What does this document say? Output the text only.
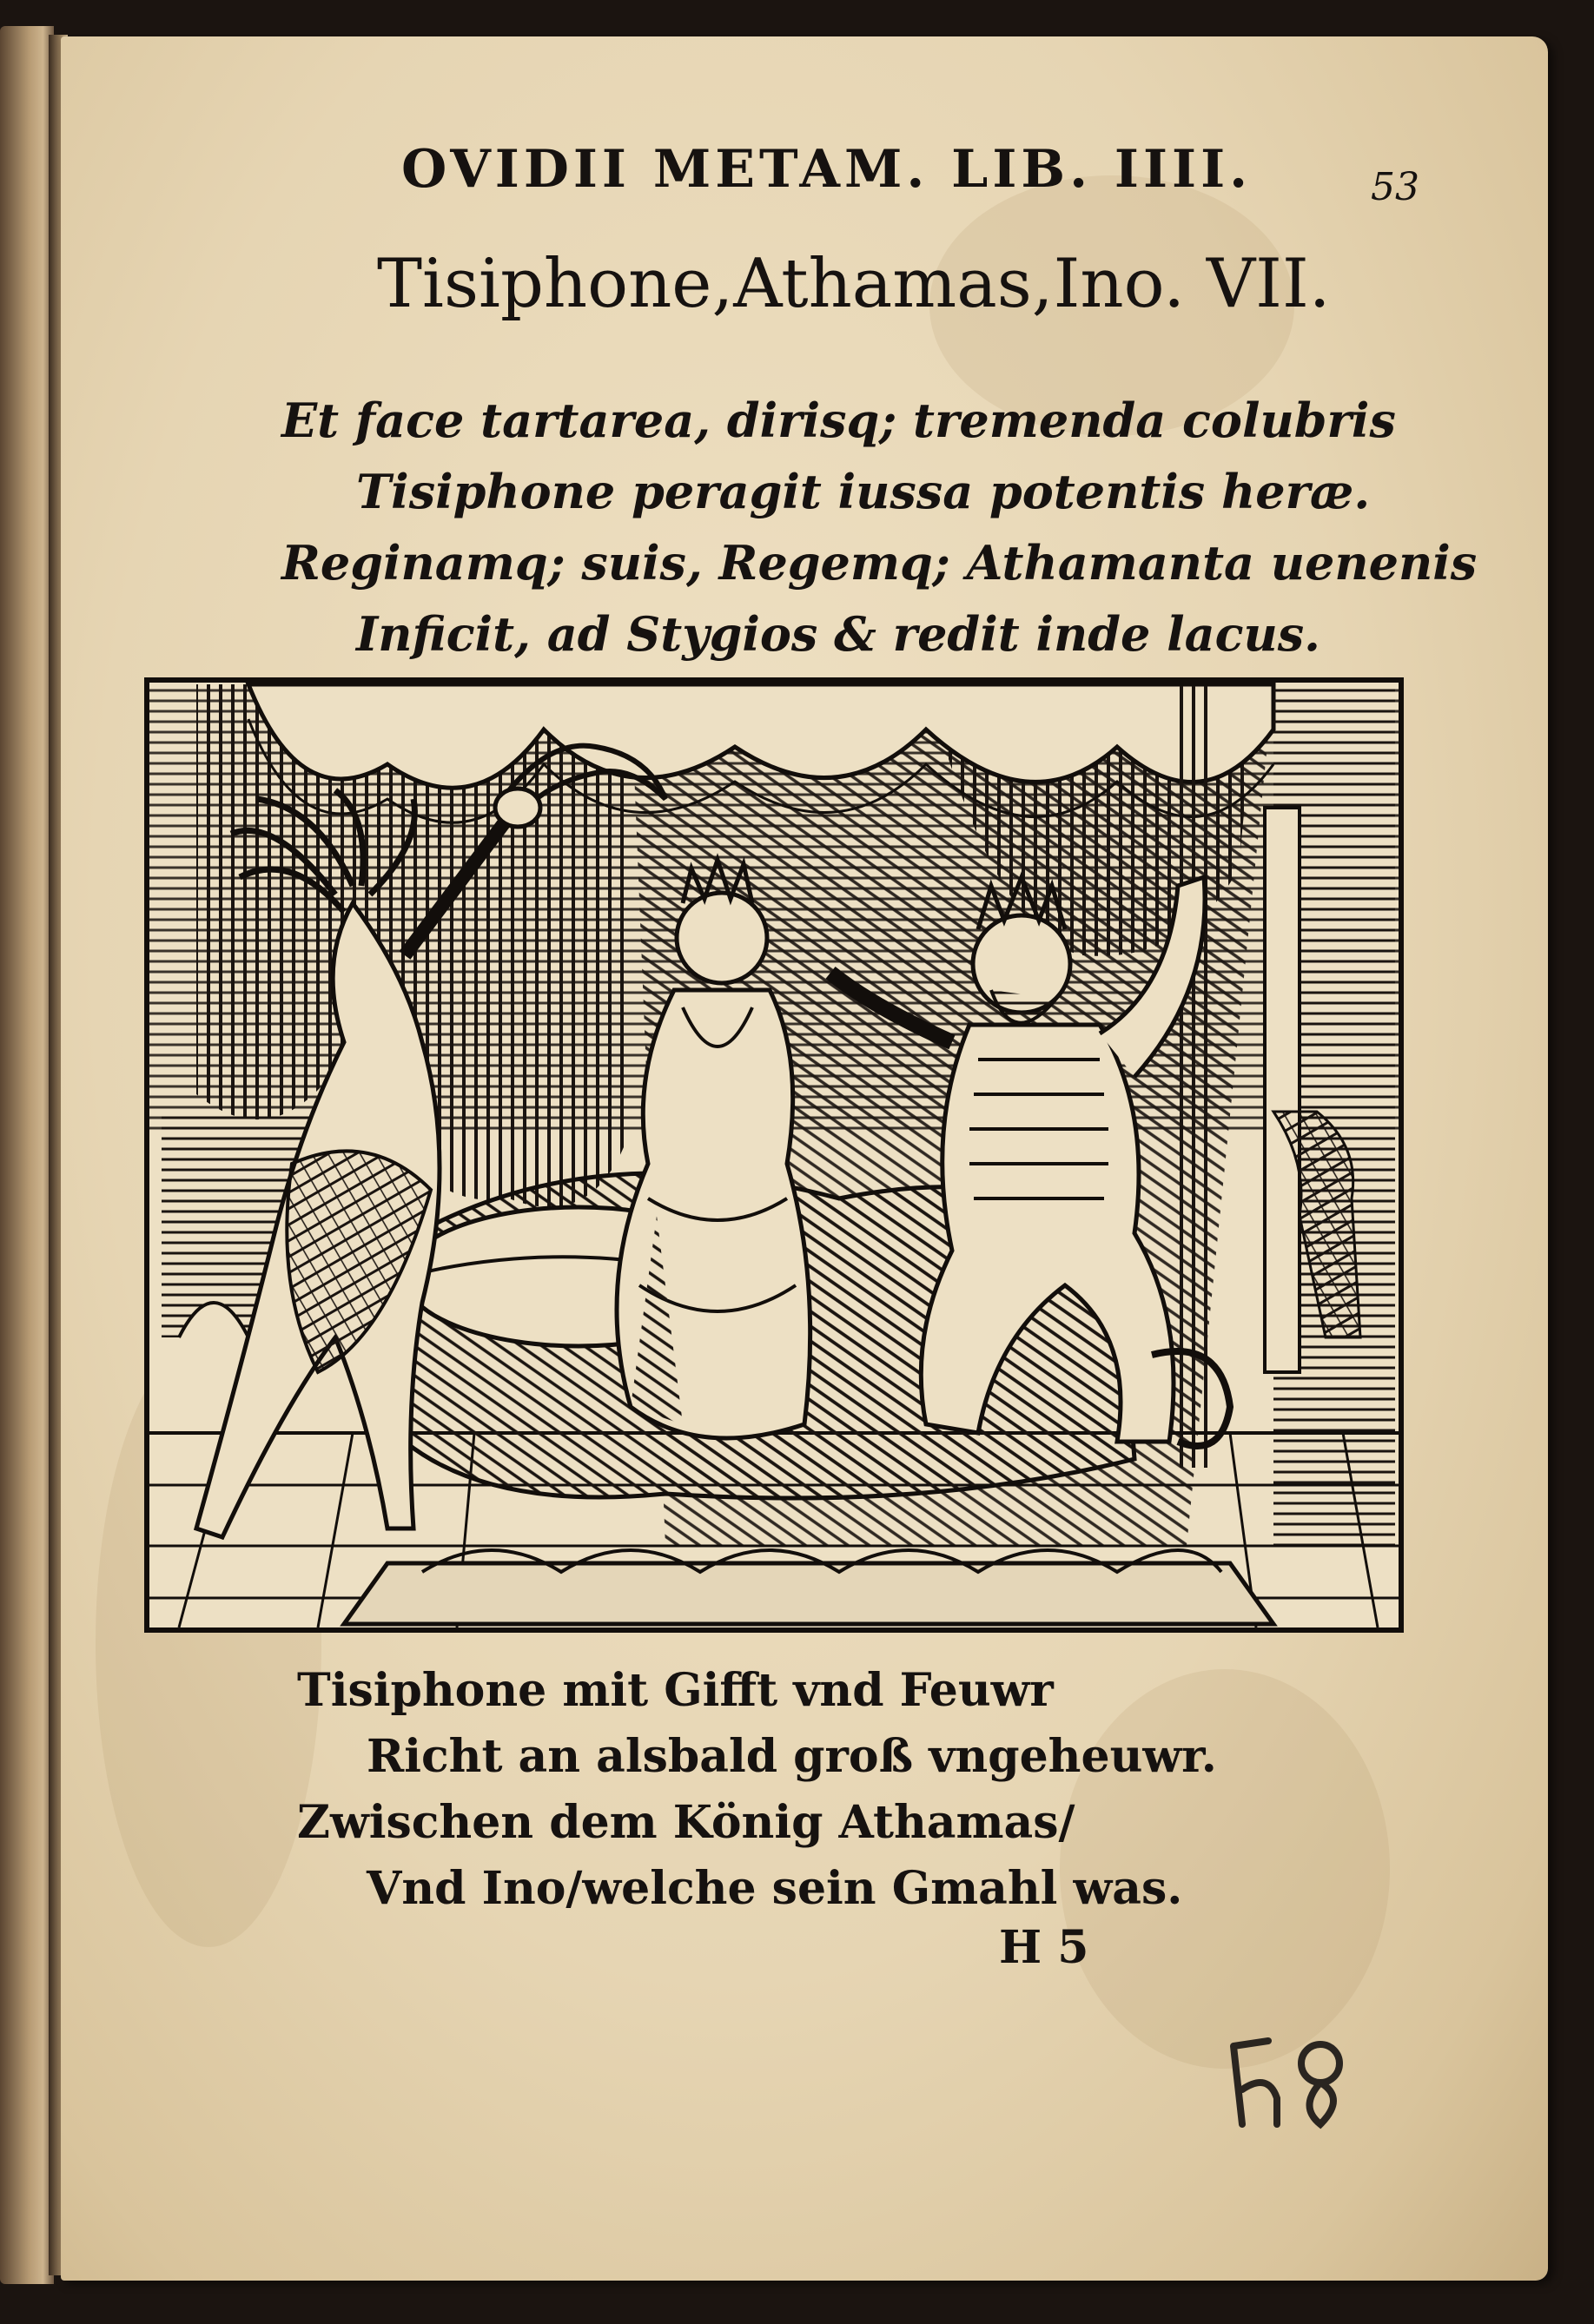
OVIDII METAM. LIB. IIII.	53

Tisiphone,Athamas,Ino. VII.

Et face tartarea, dirisq; tremenda colubris

Tisiphone peragit iussa potentis heræ.

Reginamq; suis, Regemq; Athamanta uenenis

Inficit, ad Stygios & redit inde lacus.

Tisiphone mit Gifft vnd Feuwr

Richt an alsbald groß vngeheuwr.

Zwischen dem König Athamas/

Vnd Ino/welche sein Gmahl was.

H 5
